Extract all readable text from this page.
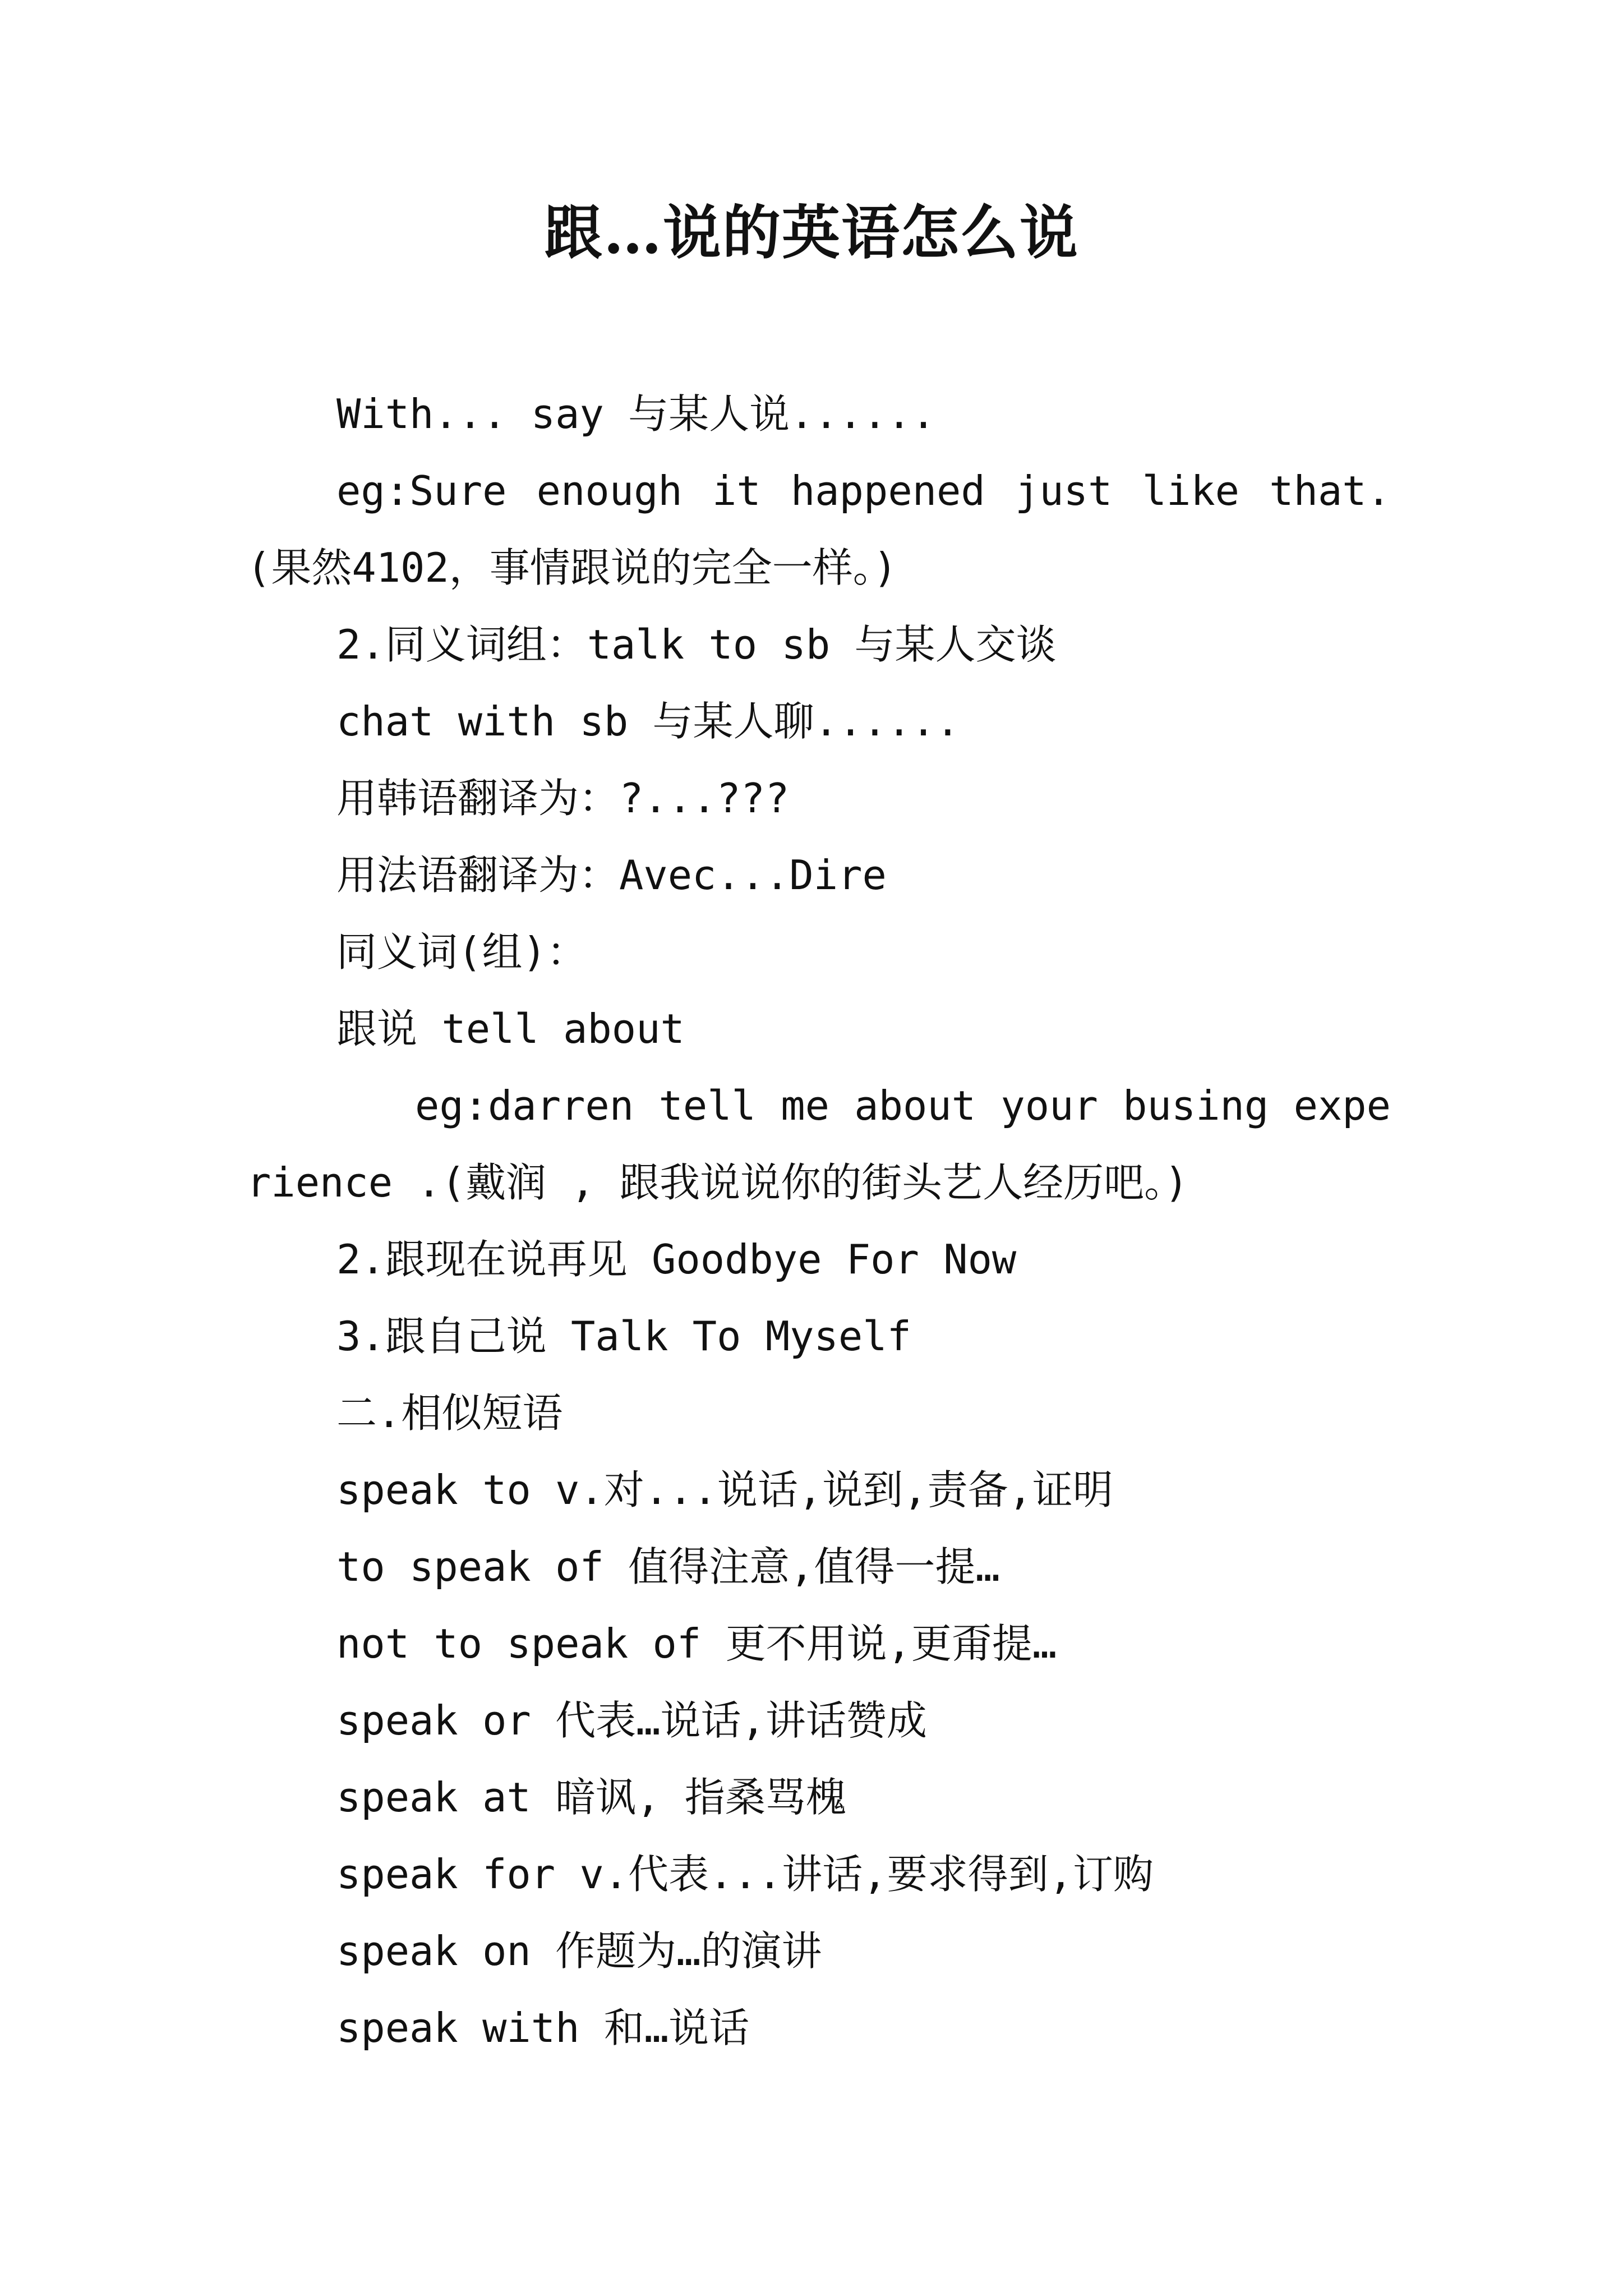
跟…说的英语怎么说

With... say 与某人说......

eg:Sure enough it happened just like that.(果然4102，事情跟说的完全一样。)

2.同义词组：talk to sb 与某人交谈

chat with sb 与某人聊......

用韩语翻译为：?...???

用法语翻译为：Avec...Dire

同义词(组)：

跟说 tell about

eg:darren tell me about your busing experience .(戴润 , 跟我说说你的街头艺人经历吧。)

2.跟现在说再见 Goodbye For Now

3.跟自己说 Talk To Myself

二.相似短语

speak to v.对...说话,说到,责备,证明

to speak of 值得注意,值得一提…

not to speak of 更不用说,更甭提…

speak or 代表…说话,讲话赞成

speak at 暗讽, 指桑骂槐

speak for v.代表...讲话,要求得到,订购

speak on 作题为…的演讲

speak with 和…说话
